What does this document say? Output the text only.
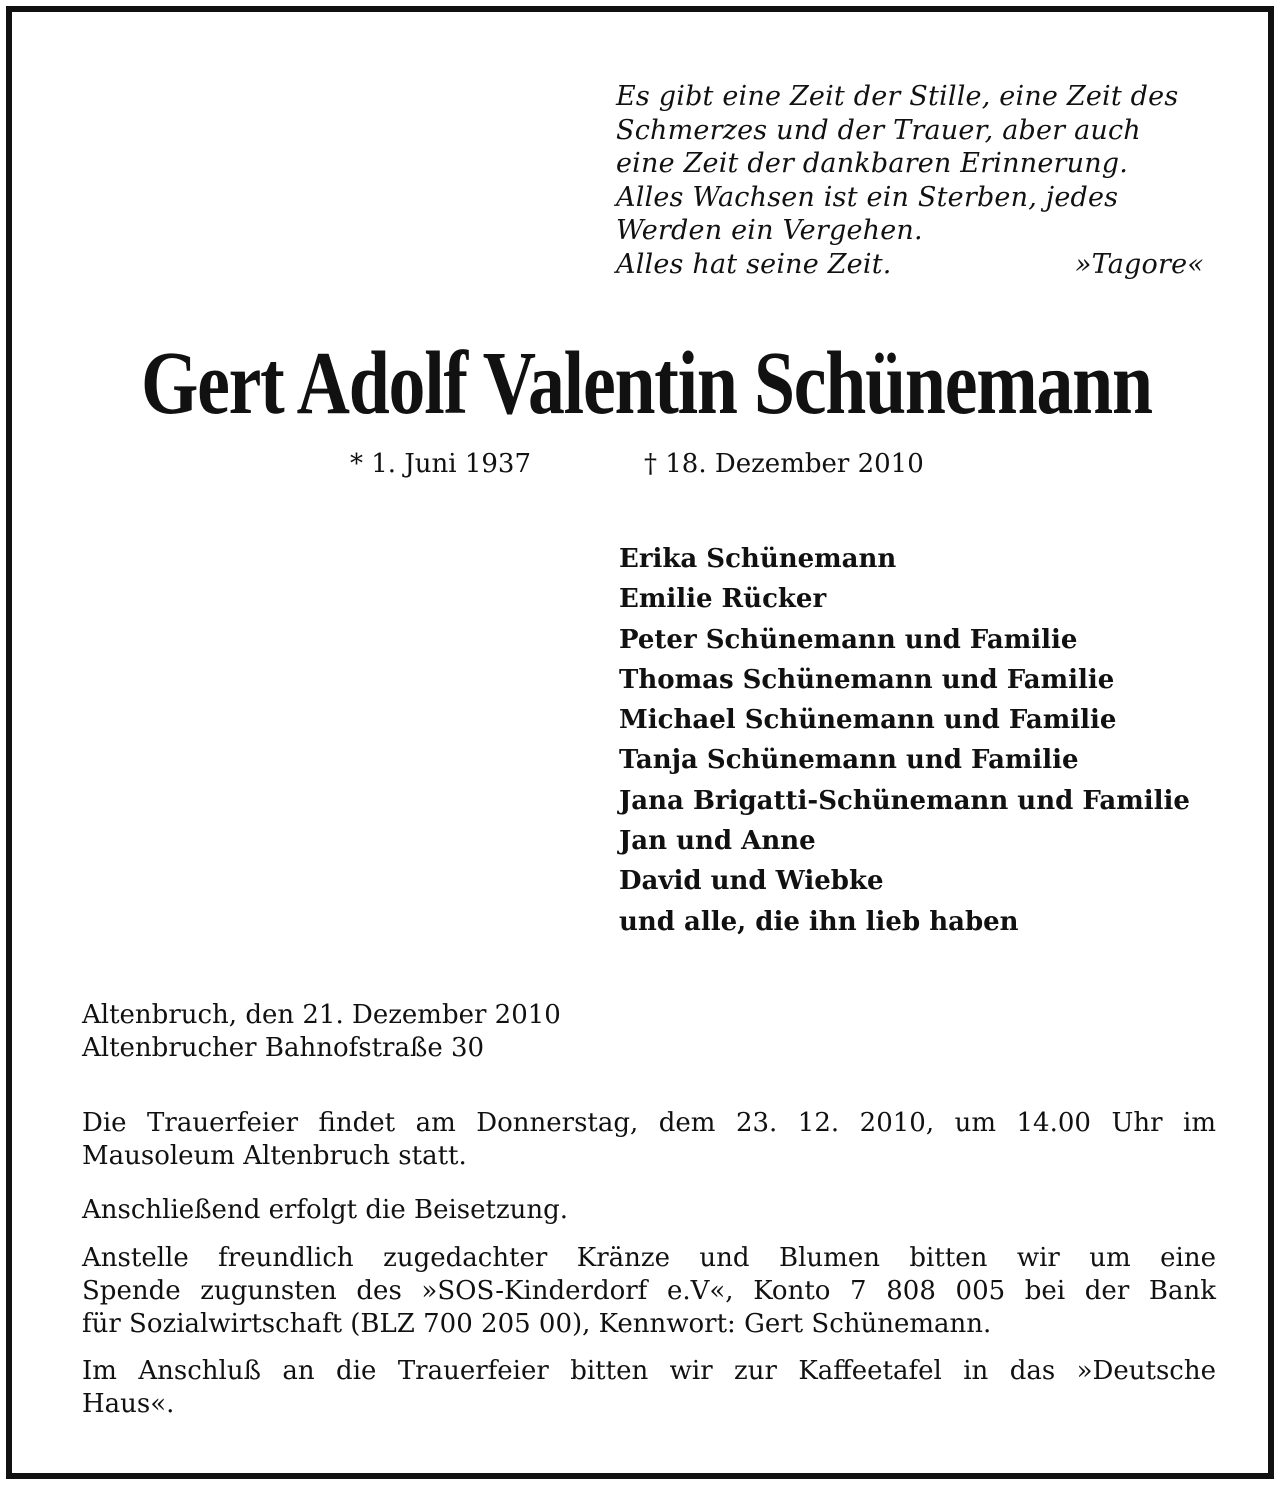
Es gibt eine Zeit der Stille, eine Zeit des
Schmerzes und der Trauer, aber auch
eine Zeit der dankbaren Erinnerung.
Alles Wachsen ist ein Sterben, jedes
Werden ein Vergehen.
Alles hat seine Zeit.	»Tagore«
Gert Adolf Valentin Schünemann
* 1. Juni 1937	† 18. Dezember 2010
Erika Schünemann
Emilie Rücker
Peter Schünemann und Familie
Thomas Schünemann und Familie
Michael Schünemann und Familie
Tanja Schünemann und Familie
Jana Brigatti-Schünemann und Familie
Jan und Anne
David und Wiebke
und alle, die ihn lieb haben
Altenbruch, den 21. Dezember 2010
Altenbrucher Bahnofstraße 30
Die Trauerfeier findet am Donnerstag, dem 23. 12. 2010, um 14.00 Uhr im
Mausoleum Altenbruch statt.
Anschließend erfolgt die Beisetzung.
Anstelle freundlich zugedachter Kränze und Blumen bitten wir um eine
Spende zugunsten des »SOS-Kinderdorf e.V«, Konto 7 808 005 bei der Bank
für Sozialwirtschaft (BLZ 700 205 00), Kennwort: Gert Schünemann.
Im Anschluß an die Trauerfeier bitten wir zur Kaffeetafel in das »Deutsche
Haus«.
